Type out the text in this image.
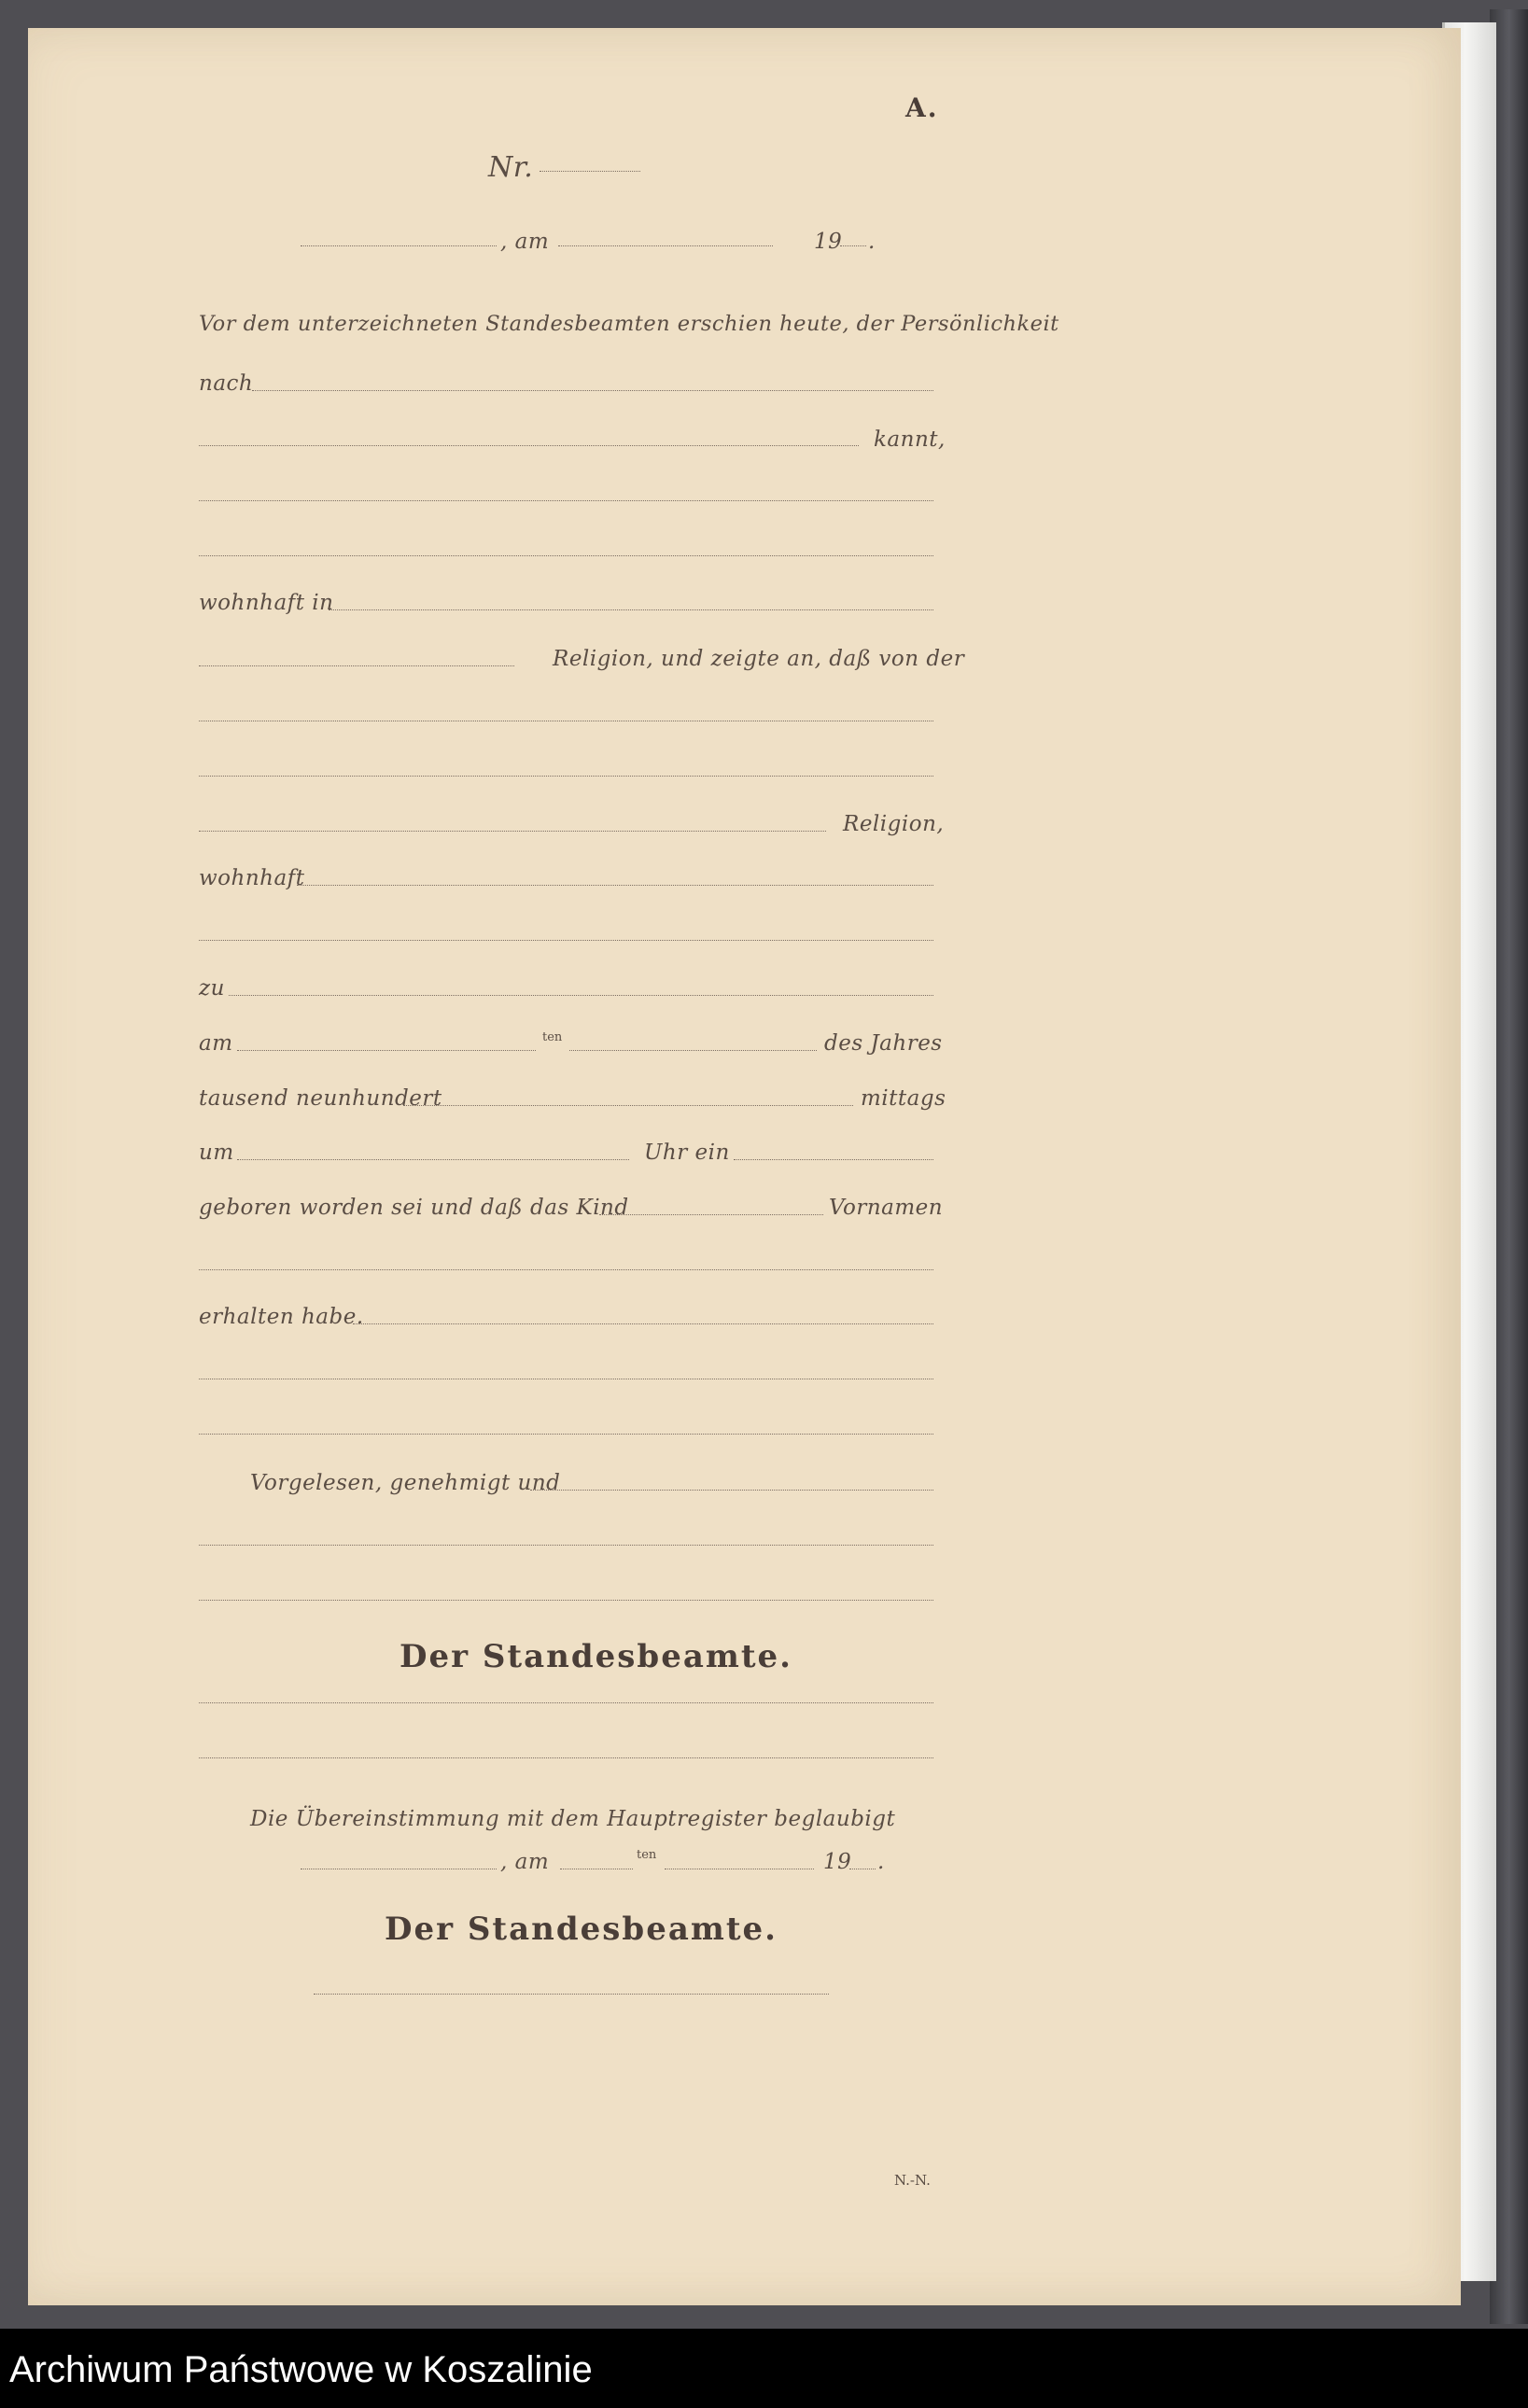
A.
Nr.
, am	19 .
Vor dem unterzeichneten Standesbeamten erschien heute, der Persönlichkeit
nach
kannt,
wohnhaft in
Religion, und zeigte an, daß von der
Religion,
wohnhaft
zu
am	ten	des Jahres
tausend neunhundert	mittags
um	Uhr ein
geboren worden sei und daß das Kind	Vornamen
erhalten habe.
Vorgelesen, genehmigt und
Der Standesbeamte.
Die Übereinstimmung mit dem Hauptregister beglaubigt
, am	ten	19 .
Der Standesbeamte.
N.-N.
Archiwum Państwowe w Koszalinie
